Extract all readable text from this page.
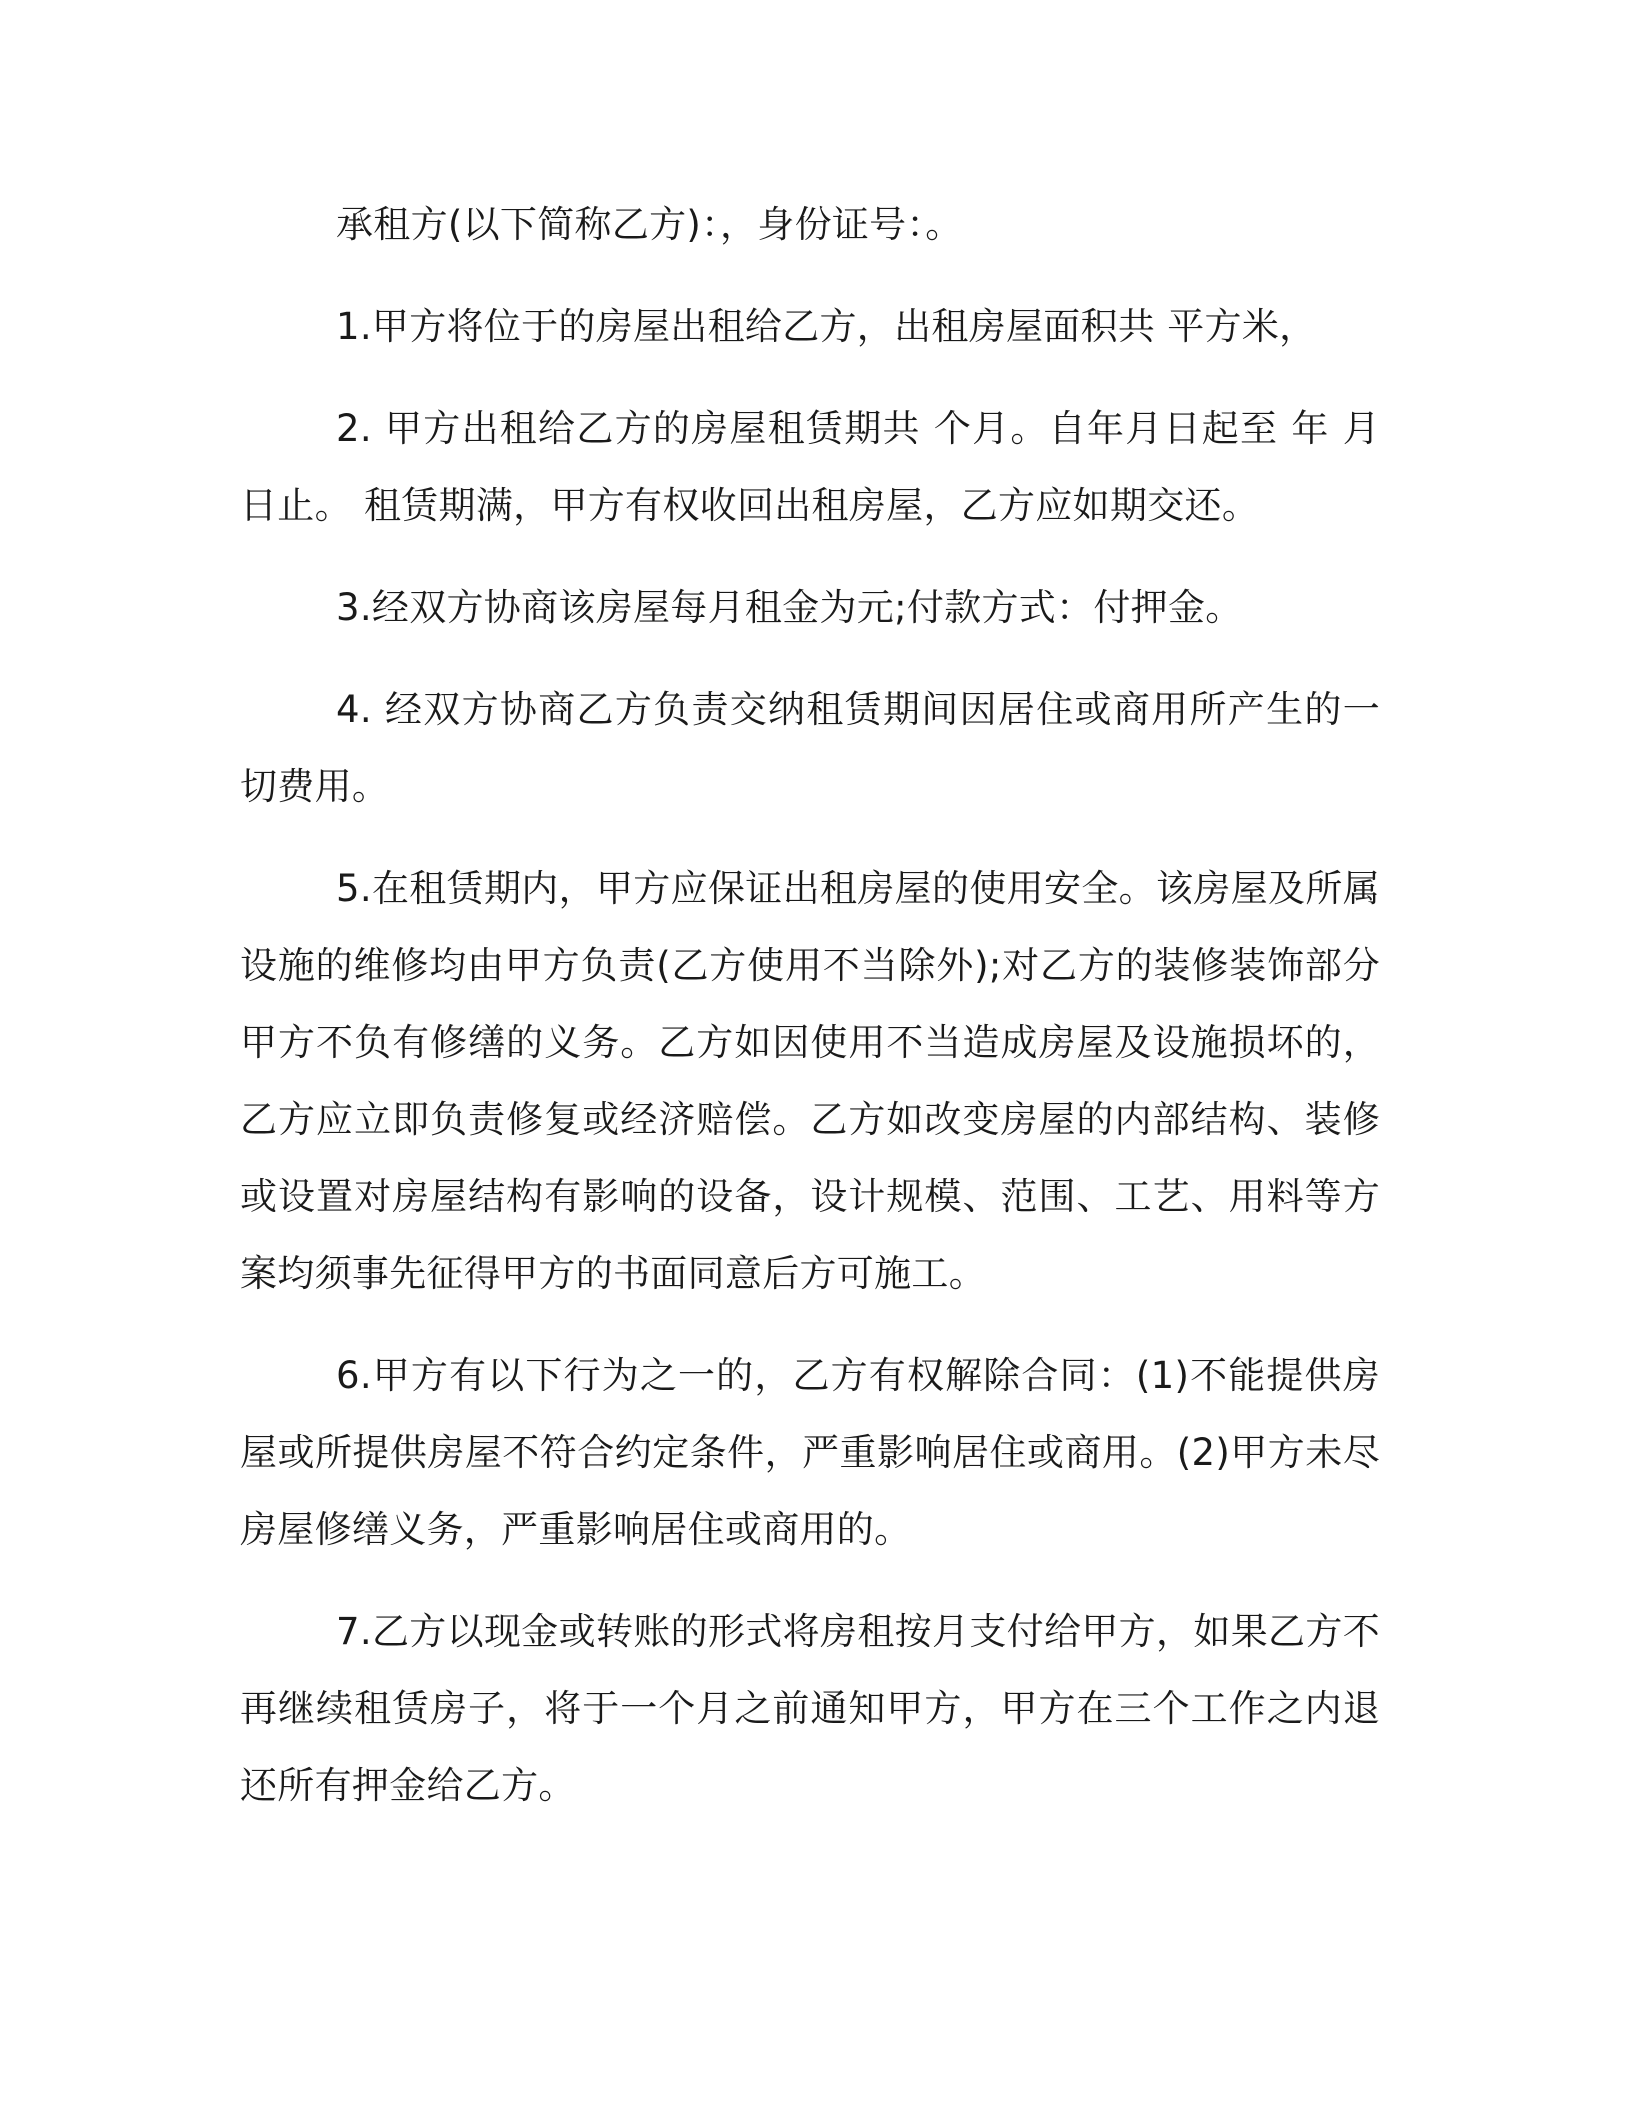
承租方(以下简称乙方)：，身份证号：。

1.甲方将位于的房屋出租给乙方，出租房屋面积共 平方米，

2. 甲方出租给乙方的房屋租赁期共 个月。自年月日起至 年 月 日止。 租赁期满，甲方有权收回出租房屋，乙方应如期交还。

3.经双方协商该房屋每月租金为元;付款方式：付押金。

4. 经双方协商乙方负责交纳租赁期间因居住或商用所产生的一切费用。

5.在租赁期内，甲方应保证出租房屋的使用安全。该房屋及所属设施的维修均由甲方负责(乙方使用不当除外);对乙方的装修装饰部分甲方不负有修缮的义务。乙方如因使用不当造成房屋及设施损坏的，乙方应立即负责修复或经济赔偿。乙方如改变房屋的内部结构、装修或设置对房屋结构有影响的设备，设计规模、范围、工艺、用料等方案均须事先征得甲方的书面同意后方可施工。

6.甲方有以下行为之一的，乙方有权解除合同：(1)不能提供房屋或所提供房屋不符合约定条件，严重影响居住或商用。(2)甲方未尽房屋修缮义务，严重影响居住或商用的。

7.乙方以现金或转账的形式将房租按月支付给甲方，如果乙方不再继续租赁房子，将于一个月之前通知甲方，甲方在三个工作之内退还所有押金给乙方。
